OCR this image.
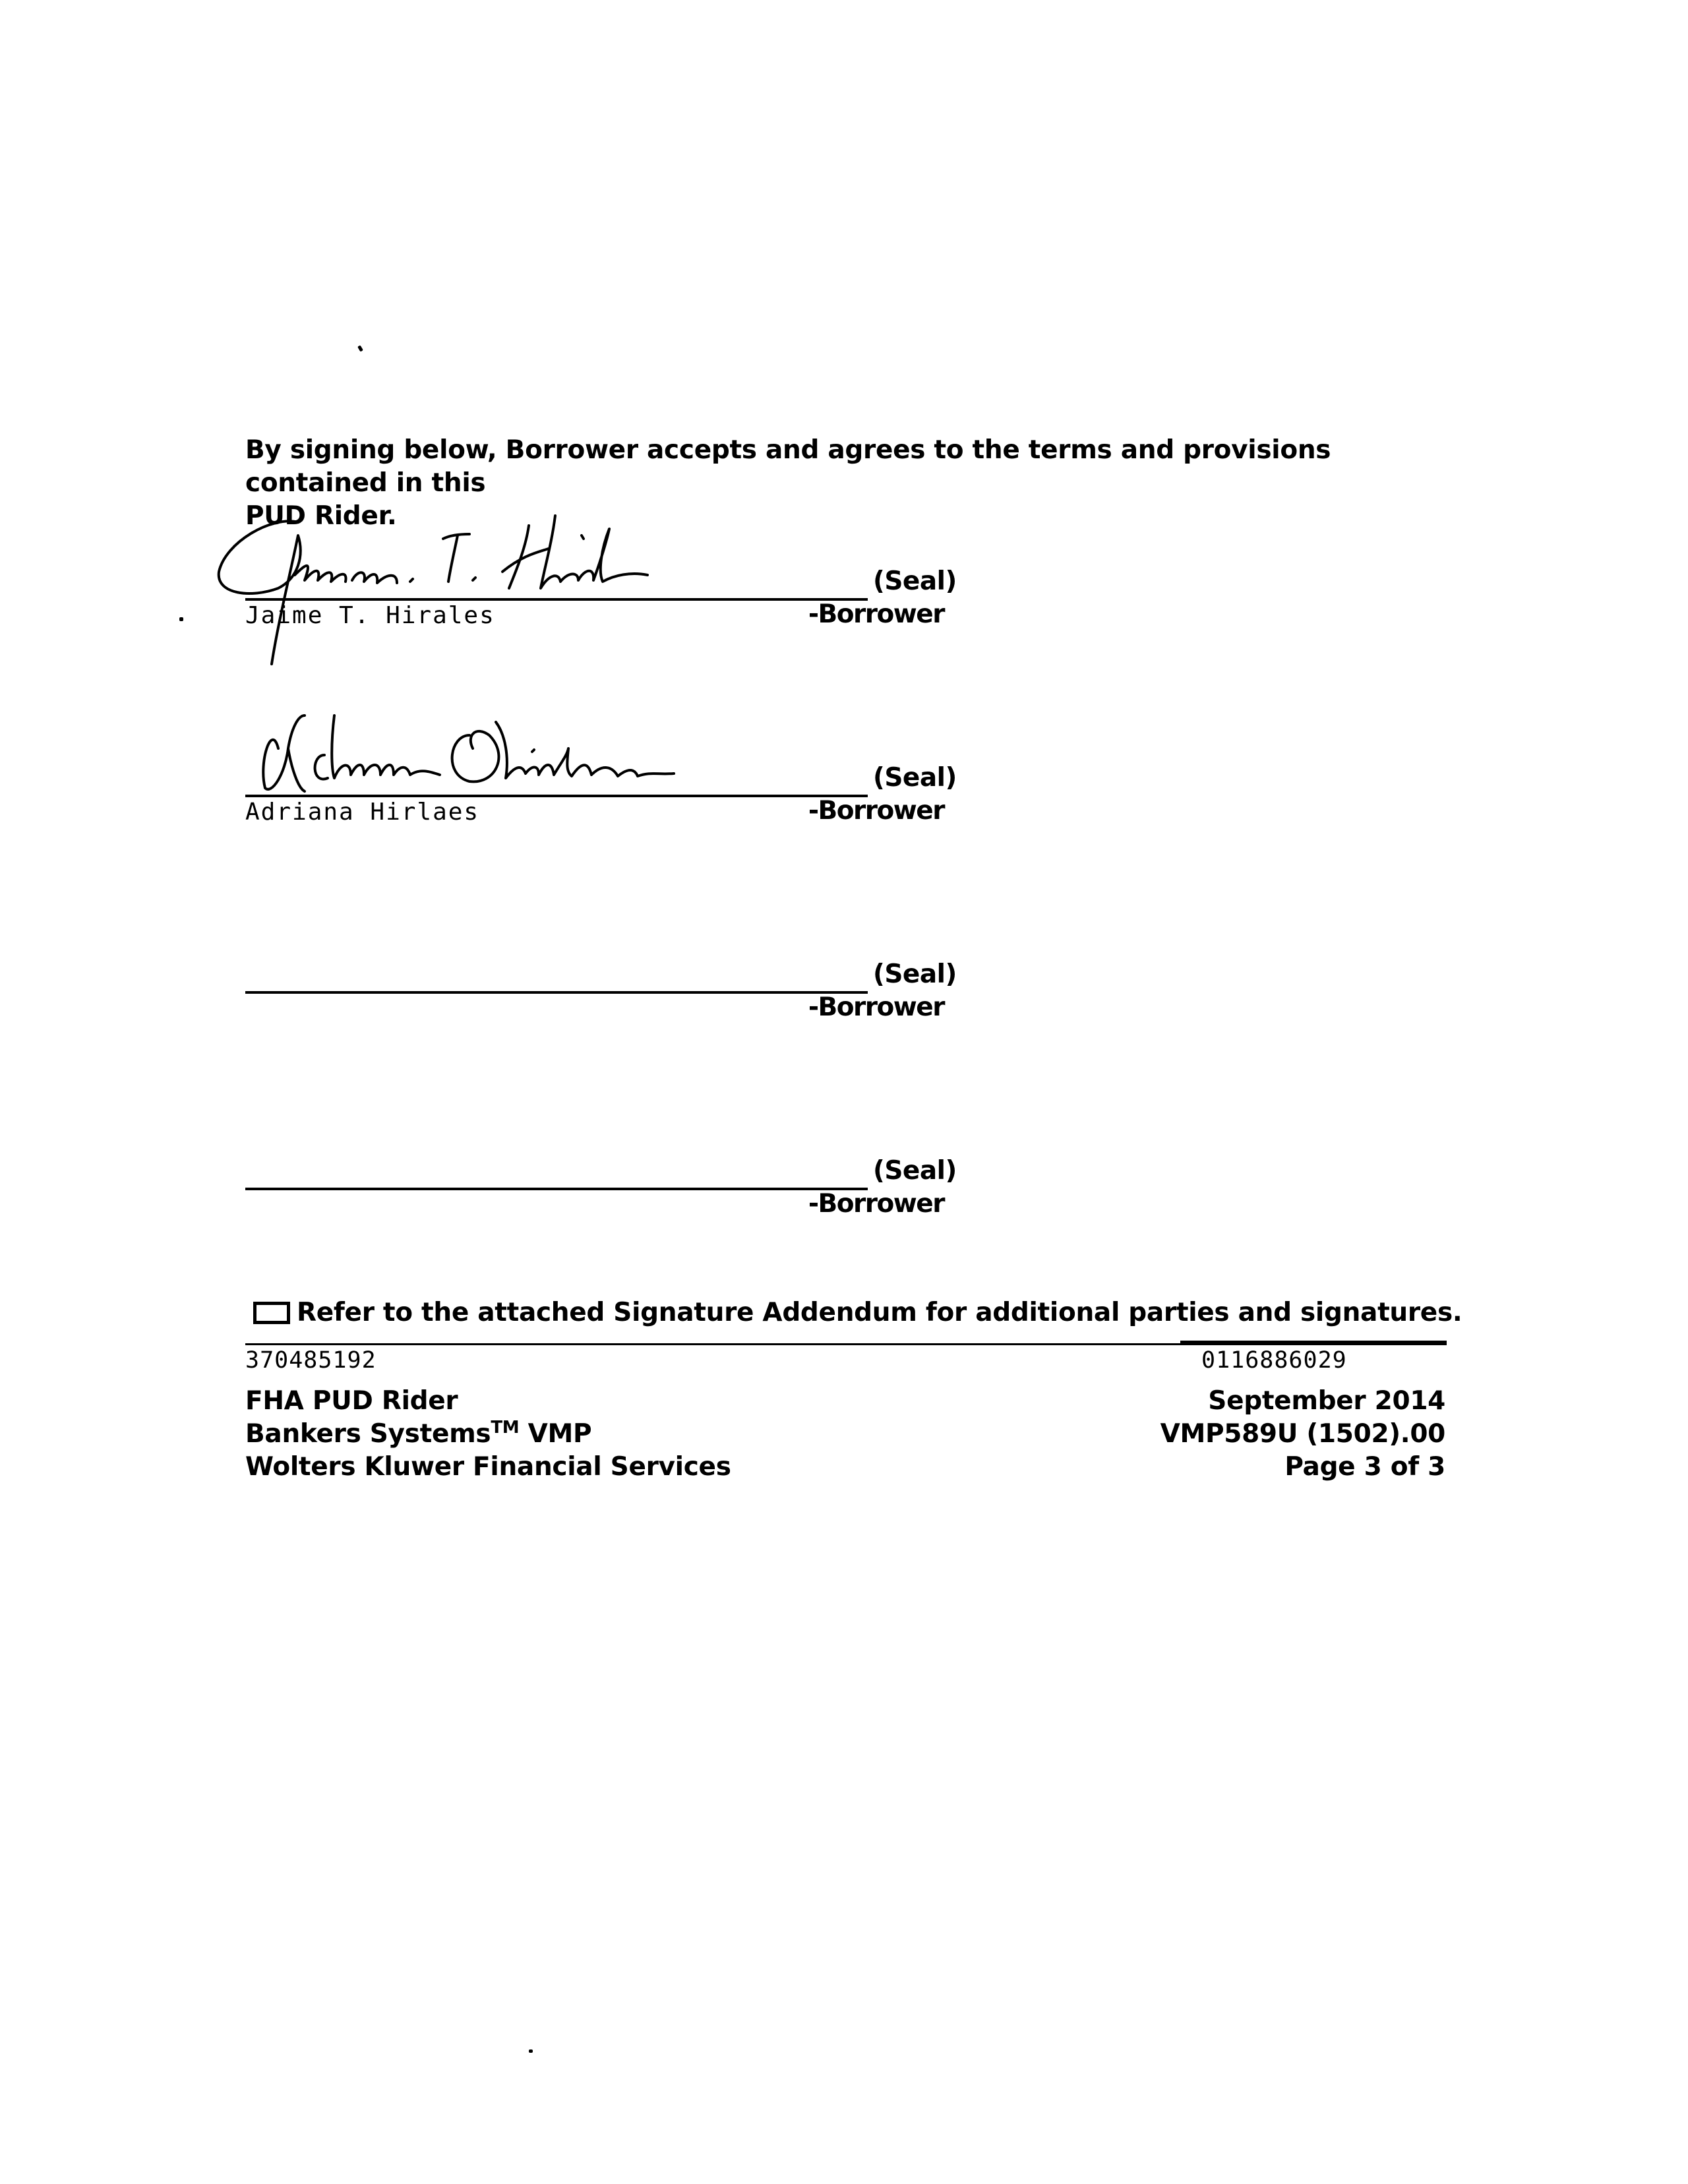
By signing below, Borrower accepts and agrees to the terms and provisions contained in this
PUD Rider.
(Seal)
Jaime T. Hirales	-Borrower
(Seal)
Adriana Hirlaes	-Borrower
(Seal)
-Borrower
(Seal)
-Borrower
Refer to the attached Signature Addendum for additional parties and signatures.
370485192	0116886029
FHA PUD Rider
Bankers Systems™ VMP
Wolters Kluwer Financial Services
September 2014
VMP589U (1502).00
Page 3 of 3
